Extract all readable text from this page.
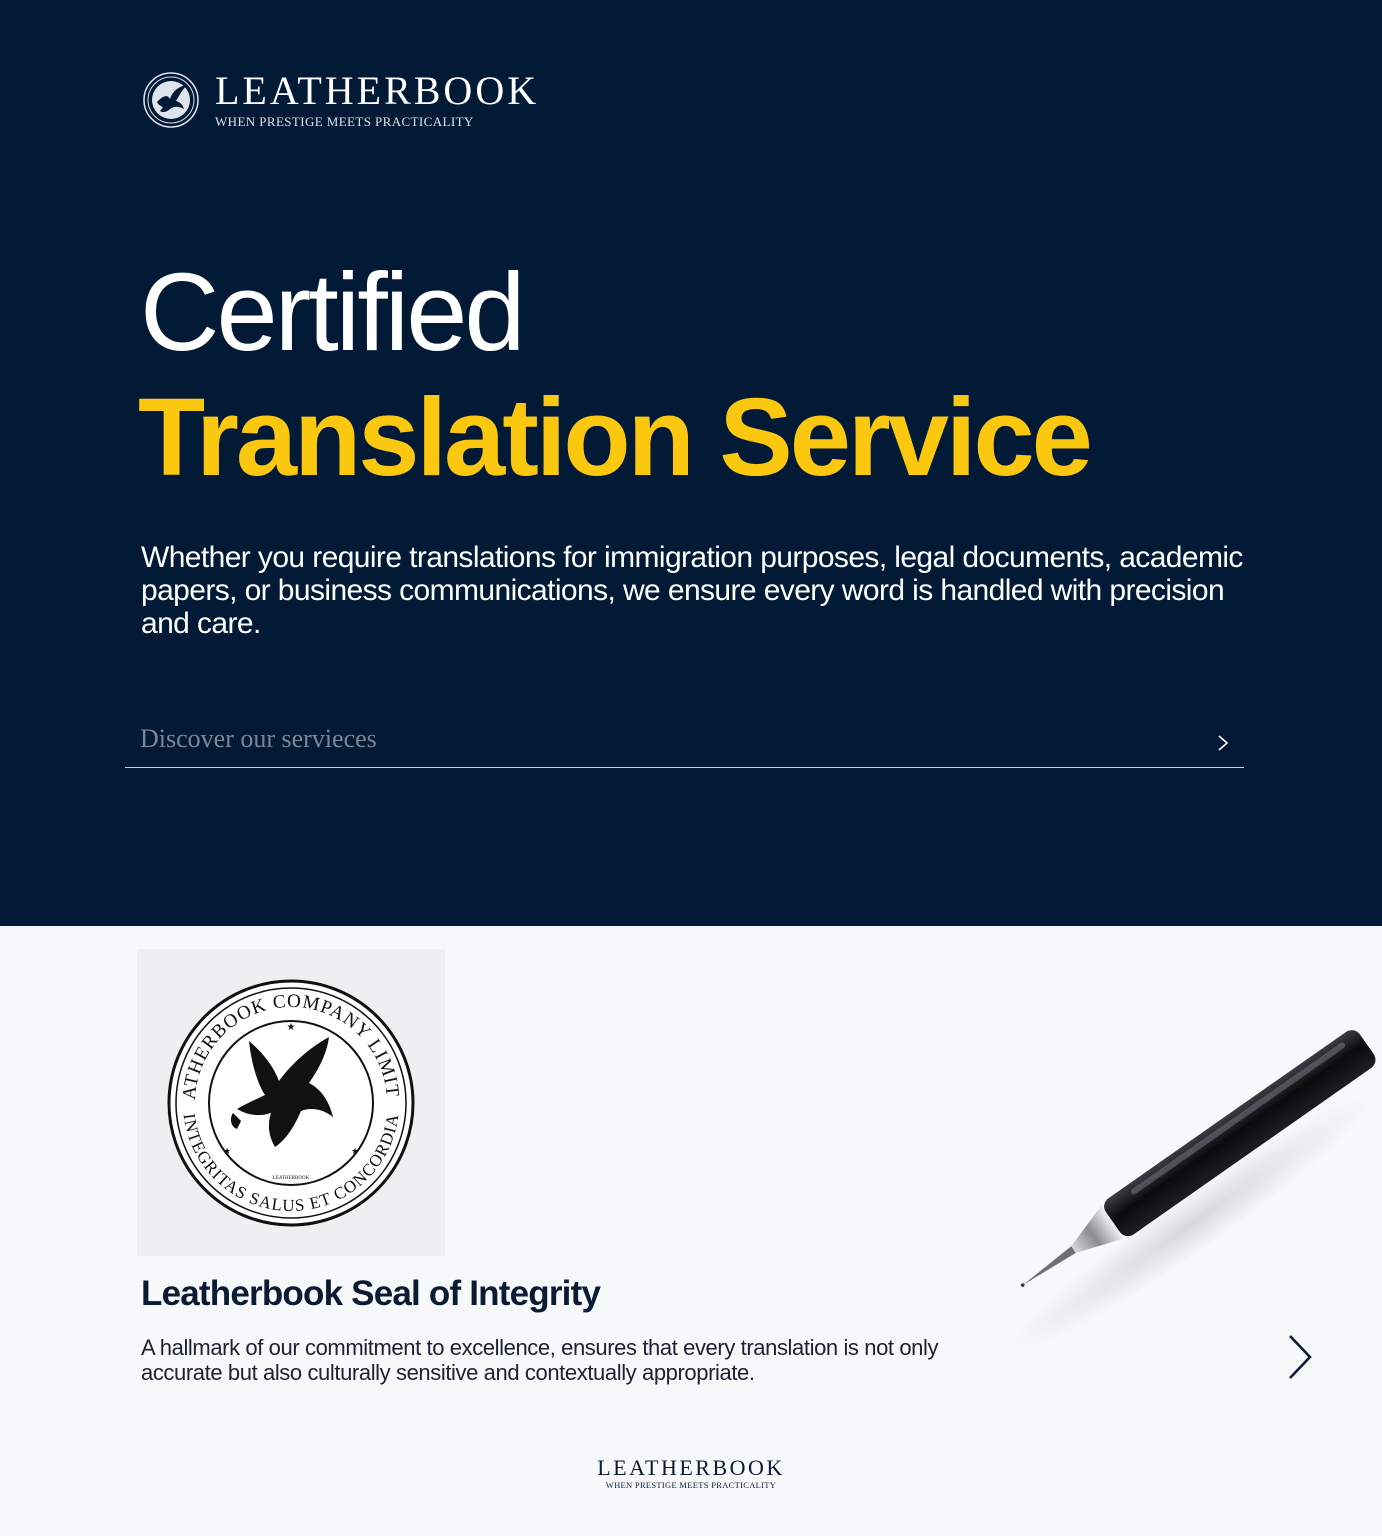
LEATHERBOOK
WHEN PRESTIGE MEETS PRACTICALITY
Certified
Translation Service

Whether you require translations for immigration purposes, legal documents, academic papers, or business communications, we ensure every word is handled with precision and care.

Discover our servieces
ATHERBOOK COMPANY LIMIT
INTEGRITAS SALUS ET CONCORDIA
★
★	★
LEATHERBOOK
Leatherbook Seal of Integrity

A hallmark of our commitment to excellence, ensures that every translation is not only accurate but also culturally sensitive and contextually appropriate.

LEATHERBOOK
WHEN PRESTIGE MEETS PRACTICALITY
